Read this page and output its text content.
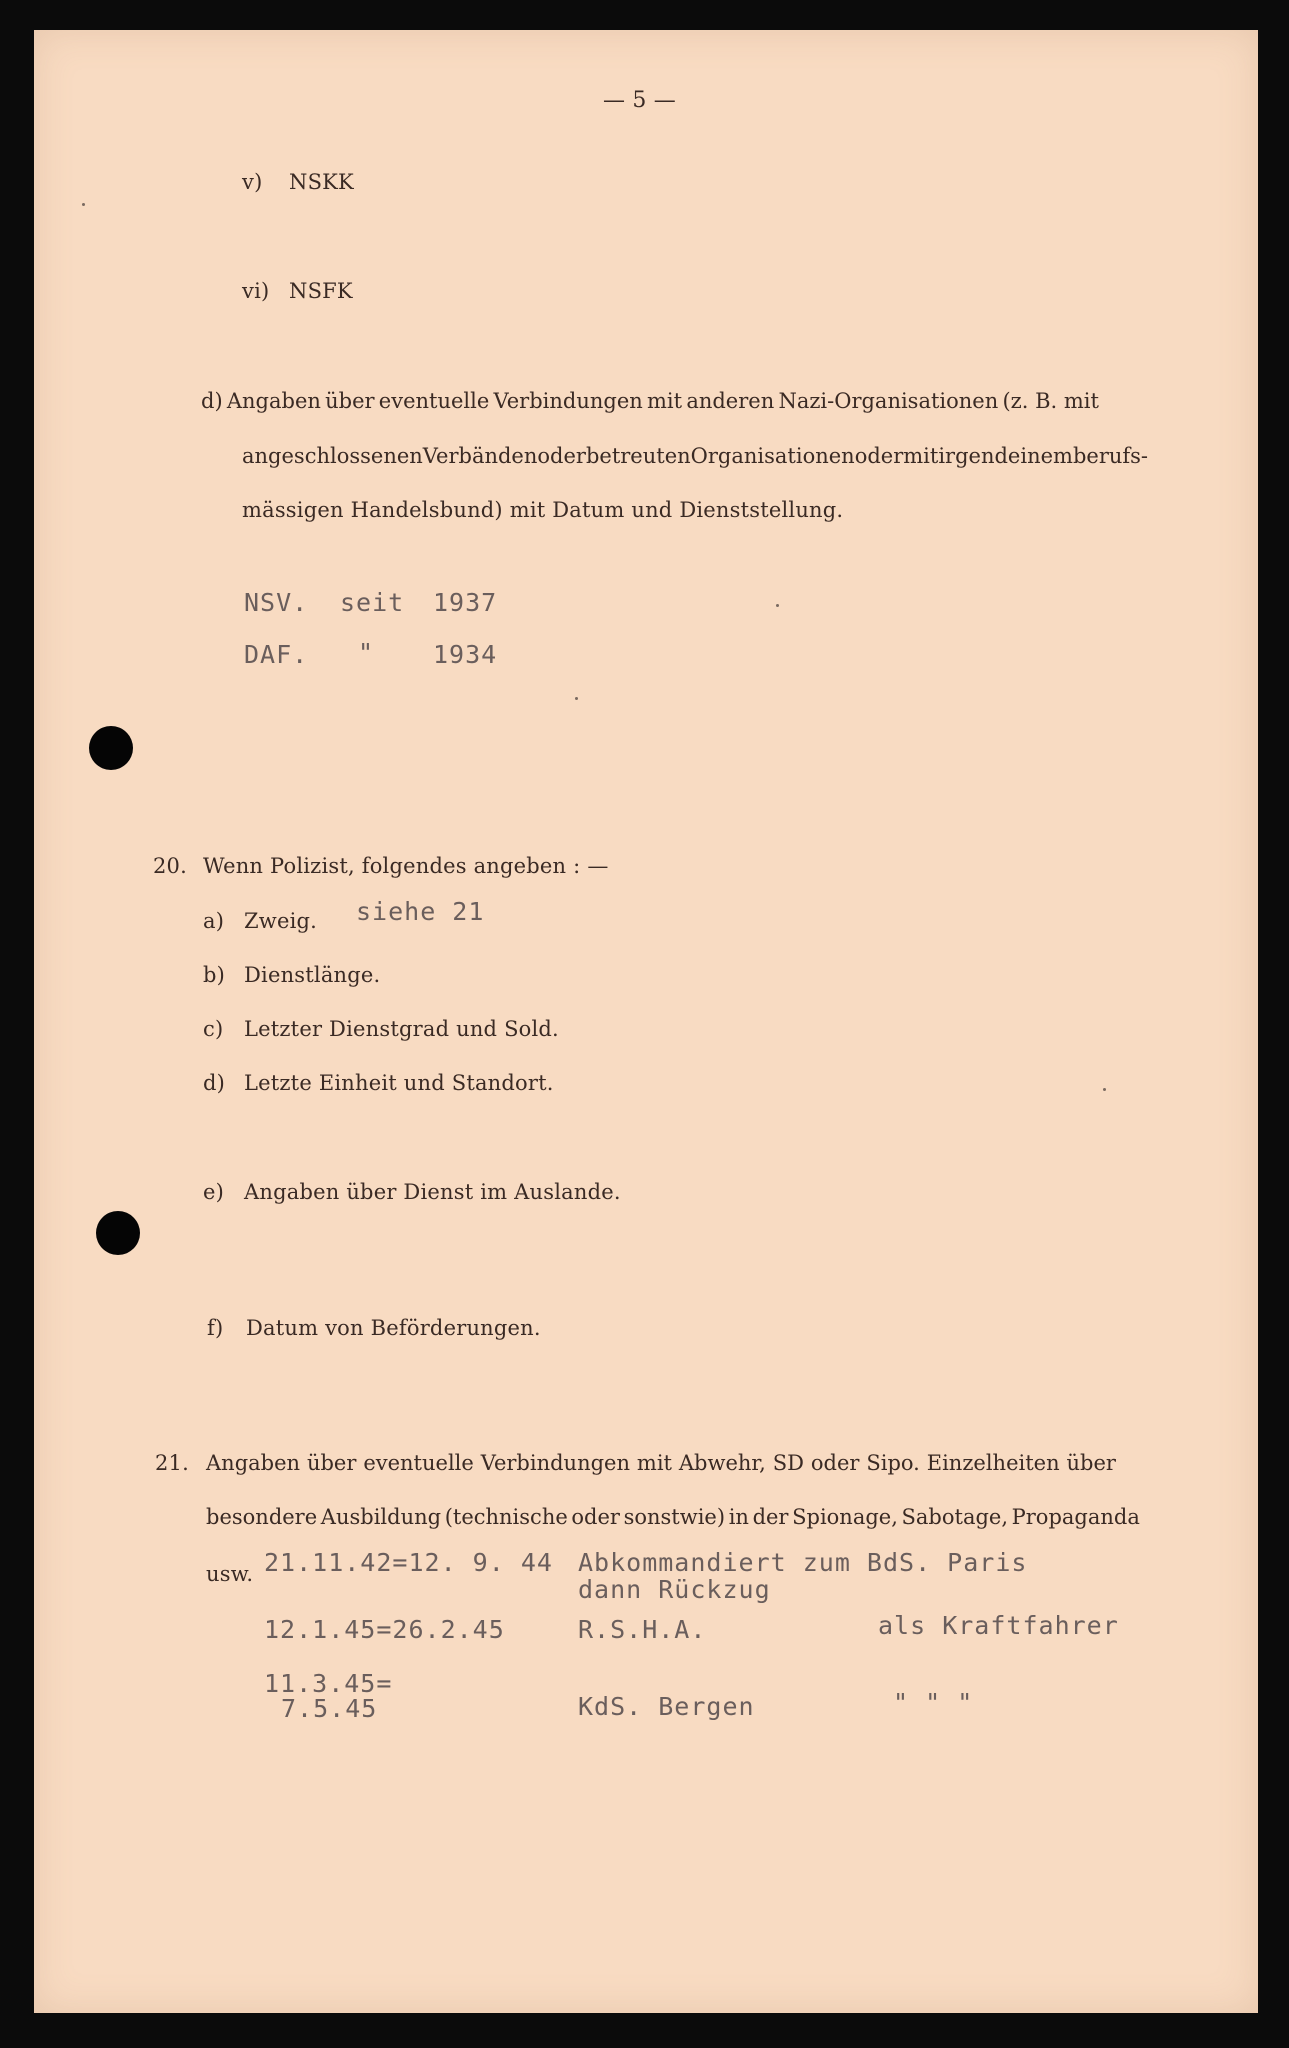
— 5 —
v) NSKK
vi) NSFK
d) Angaben über eventuelle Verbindungen mit anderen Nazi-Organisationen (z. B. mit
angeschlossenen Verbänden oder betreuten Organisationen oder mit irgendeinem berufs-
mässigen Handelsbund) mit Datum und Dienststellung.
NSV. seit 1937
DAF. " 1934
20. Wenn Polizist, folgendes angeben : —
a) Zweig. siehe 21
b) Dienstlänge.
c) Letzter Dienstgrad und Sold.
d) Letzte Einheit und Standort.
e) Angaben über Dienst im Auslande.
f) Datum von Beförderungen.
21. Angaben über eventuelle Verbindungen mit Abwehr, SD oder Sipo. Einzelheiten über
besondere Ausbildung (technische oder sonstwie) in der Spionage, Sabotage, Propaganda
usw. 21.11.42=12. 9. 44 Abkommandiert zum BdS. Paris
dann Rückzug
12.1.45=26.2.45	R.S.H.A.	als Kraftfahrer
11.3.45=
7.5.45	KdS. Bergen	" " "
